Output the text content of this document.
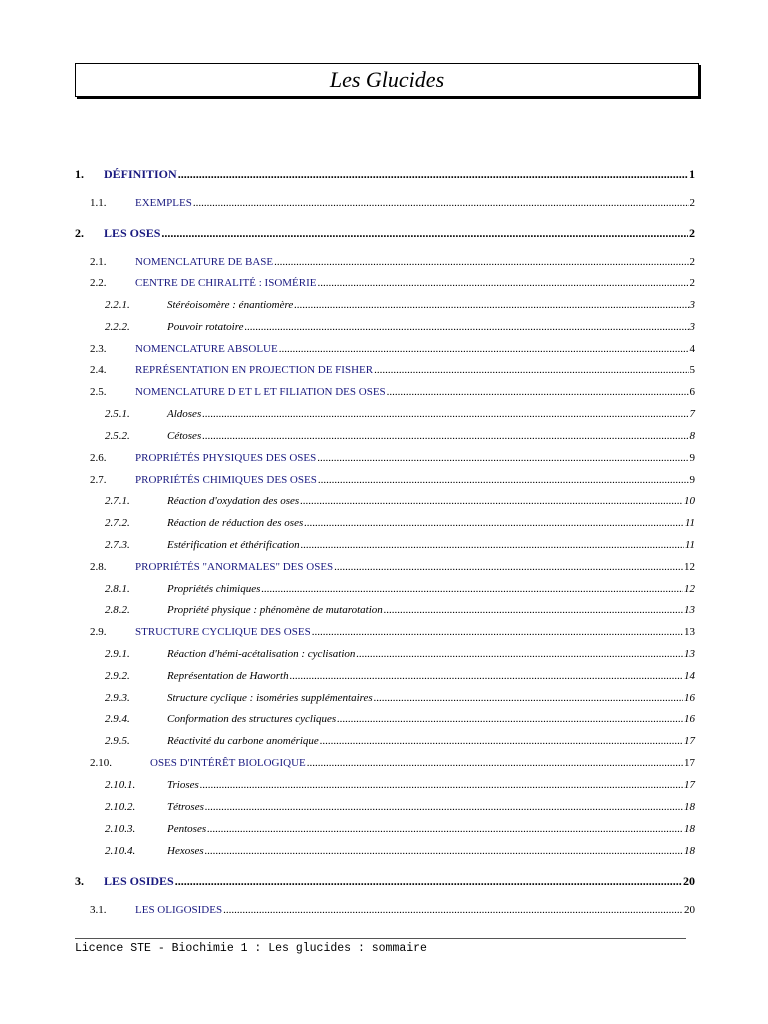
Les Glucides
1.	DÉFINITION .....	1
1.1.	EXEMPLES .....	2
2.	LES OSES .....	2
2.1.	NOMENCLATURE DE BASE .....	2
2.2.	CENTRE DE CHIRALITÉ : ISOMÉRIE .....	2
2.2.1.	Stéréoisomère : énantiomère .....	3
2.2.2.	Pouvoir rotatoire .....	3
2.3.	NOMENCLATURE ABSOLUE .....	4
2.4.	REPRÉSENTATION EN PROJECTION DE FISHER .....	5
2.5.	NOMENCLATURE D ET L ET FILIATION DES OSES .....	6
2.5.1.	Aldoses .....	7
2.5.2.	Cétoses .....	8
2.6.	PROPRIÉTÉS PHYSIQUES DES OSES .....	9
2.7.	PROPRIÉTÉS CHIMIQUES DES OSES .....	9
2.7.1.	Réaction d'oxydation des oses .....	10
2.7.2.	Réaction de réduction des oses .....	11
2.7.3.	Estérification et éthérification .....	11
2.8.	PROPRIÉTÉS "ANORMALES" DES OSES .....	12
2.8.1.	Propriétés chimiques .....	12
2.8.2.	Propriété physique : phénomène de mutarotation .....	13
2.9.	STRUCTURE CYCLIQUE DES OSES .....	13
2.9.1.	Réaction d'hémi-acétalisation : cyclisation .....	13
2.9.2.	Représentation de Haworth .....	14
2.9.3.	Structure cyclique : isoméries supplémentaires .....	16
2.9.4.	Conformation des structures cycliques .....	16
2.9.5.	Réactivité du carbone anomérique .....	17
2.10.	OSES D'INTÉRÊT BIOLOGIQUE .....	17
2.10.1.	Trioses .....	17
2.10.2.	Tétroses .....	18
2.10.3.	Pentoses .....	18
2.10.4.	Hexoses .....	18
3.	LES OSIDES .....	20
3.1.	LES OLIGOSIDES .....	20
Licence STE - Biochimie 1 : Les glucides : sommaire
